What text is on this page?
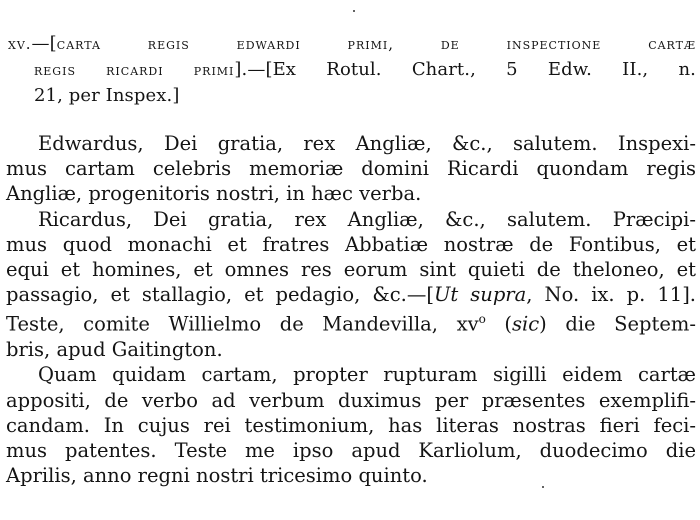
xv.—[carta regis edwardi primi, de inspectione cartæ
regis ricardi primi].—[Ex Rotul. Chart., 5 Edw. II., n.
21, per Inspex.]
Edwardus, Dei gratia, rex Angliæ, &c., salutem. Inspexi-
mus cartam celebris memoriæ domini Ricardi quondam regis
Angliæ, progenitoris nostri, in hæc verba.
Ricardus, Dei gratia, rex Angliæ, &c., salutem. Præcipi-
mus quod monachi et fratres Abbatiæ nostræ de Fontibus, et
equi et homines, et omnes res eorum sint quieti de theloneo, et
passagio, et stallagio, et pedagio, &c.—[Ut supra, No. ix. p. 11].
Teste, comite Willielmo de Mandevilla, $xv^o$ (sic) die Septem-
bris, apud Gaitington.
Quam quidam cartam, propter rupturam sigilli eidem cartæ
appositi, de verbo ad verbum duximus per præsentes exemplifi-
candam. In cujus rei testimonium, has literas nostras fieri feci-
mus patentes. Teste me ipso apud Karliolum, duodecimo die
Aprilis, anno regni nostri tricesimo quinto.
